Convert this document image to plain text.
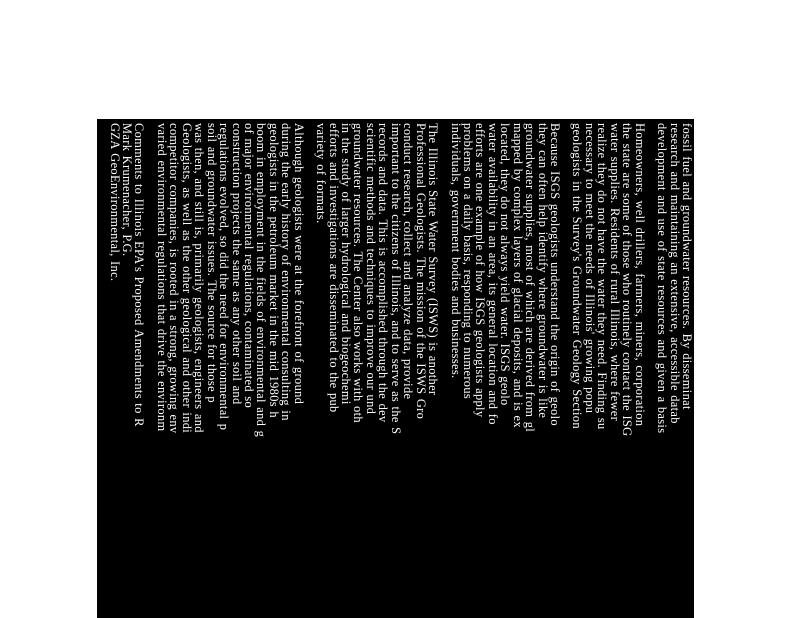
fossil fuel and groundwater resources. By disseminat
research and maintaining an extensive, accessible datab
development and use of state resources and given a basis
Homeowners, well drillers, farmers, miners, corporation
the state are some of those who routinely contact the ISG
water supplies. Residents of rural Illinois, where fewer
realize they do not have the water they need. Finding su
necessary to meet the needs of Illinois' growing popu
geologists in the Survey's Groundwater Geology Section
Because ISGS geologists understand the origin of geolo
they can often help identify where groundwater is like
groundwater supplies, most of which are derived from gl
mapped by complex layers of glacial deposits, and is ex
located, they do not always yield water. ISGS geolo
water availability in an area, its general location and fo
efforts are one example of how ISGS geologists apply
problems on a daily basis, responding to numerous
individuals, government bodies and businesses.
The Illinois State Water Survey (ISWS) is another
Professional Geologists. The mission of the ISWS Gro
conduct research, collect and analyze data, provide
important to the citizens of Illinois, and to serve as the S
records and data. This is accomplished through the dev
scientific methods and techniques to improve our und
groundwater resources. The Center also works with oth
in the study of larger hydrological and biogeochemi
efforts and investigations are disseminated to the pub
variety of formats.
Although geologists were at the forefront of ground
during the early history of environmental consulting in
geologists in the petroleum market in the mid 1980s h
boom in employment in the fields of environmental and g
of major environmental regulations, contaminated so
construction projects the same as any other soil and
regulations evolved, so did the need for environmental p
soil and groundwater issues. The source for those p
was then, and still is, primarily geologists, engineers and
Geologists, as well as the other geological and other indi
competitor companies, is rooted in a strong, growing env
varied environmental regulations that drive the environm
Comments to Illinois EPA's Proposed Amendments to R
Mark Krumenacher, P.G.
GZA GeoEnvironmental, Inc.
